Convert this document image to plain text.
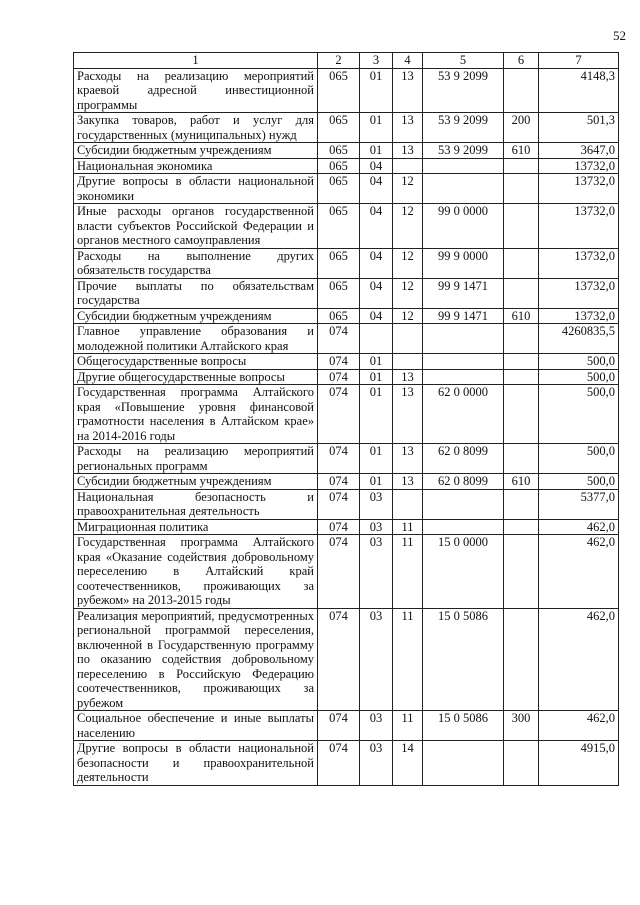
52
1	2	3	4	5	6	7
Расходы на реализацию мероприятий краевой адресной инвестиционной программы	065	01	13	53 9 2099		4148,3
Закупка товаров, работ и услуг для государственных (муниципальных) нужд	065	01	13	53 9 2099	200	501,3
Субсидии бюджетным учреждениям	065	01	13	53 9 2099	610	3647,0
Национальная экономика	065	04				13732,0
Другие вопросы в области национальной экономики	065	04	12			13732,0
Иные расходы органов государственной власти субъектов Российской Федерации и органов местного самоуправления	065	04	12	99 0 0000		13732,0
Расходы на выполнение других обязательств государства	065	04	12	99 9 0000		13732,0
Прочие выплаты по обязательствам государства	065	04	12	99 9 1471		13732,0
Субсидии бюджетным учреждениям	065	04	12	99 9 1471	610	13732,0
Главное управление образования и молодежной политики Алтайского края	074					4260835,5
Общегосударственные вопросы	074	01				500,0
Другие общегосударственные вопросы	074	01	13			500,0
Государственная программа Алтайского края «Повышение уровня финансовой грамотности населения в Алтайском крае» на 2014-2016 годы	074	01	13	62 0 0000		500,0
Расходы на реализацию мероприятий региональных программ	074	01	13	62 0 8099		500,0
Субсидии бюджетным учреждениям	074	01	13	62 0 8099	610	500,0
Национальная безопасность и правоохранительная деятельность	074	03				5377,0
Миграционная политика	074	03	11			462,0
Государственная программа Алтайского края «Оказание содействия добровольному переселению в Алтайский край соотечественников, проживающих за рубежом» на 2013-2015 годы	074	03	11	15 0 0000		462,0
Реализация мероприятий, предусмотренных региональной программой переселения, включенной в Государственную программу по оказанию содействия добровольному переселению в Российскую Федерацию соотечественников, проживающих за рубежом	074	03	11	15 0 5086		462,0
Социальное обеспечение и иные выплаты населению	074	03	11	15 0 5086	300	462,0
Другие вопросы в области национальной безопасности и правоохранительной деятельности	074	03	14			4915,0
